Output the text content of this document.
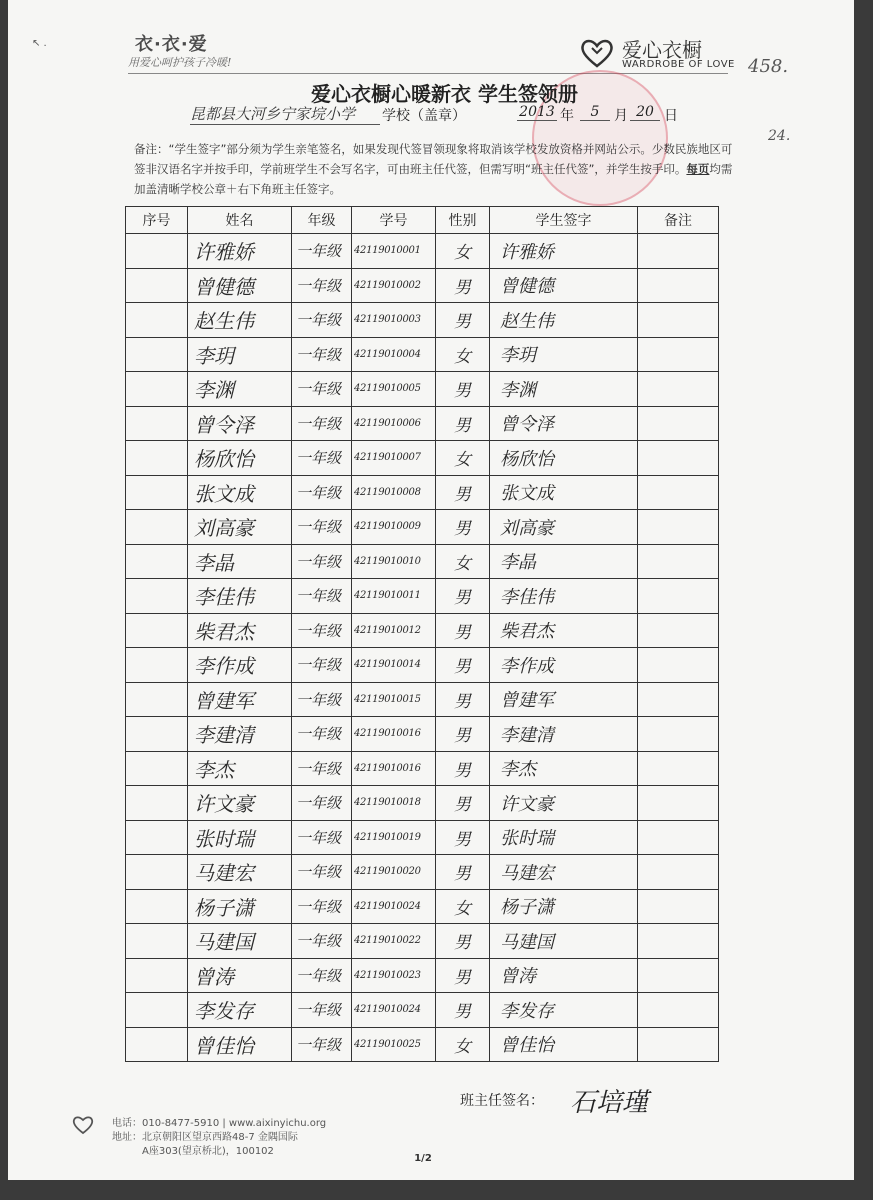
↖ .	衣·衣·爱
用爱心呵护孩子冷暖!
爱心衣橱
WARDROBE OF LOVE 458.
24.
爱心衣橱心暖新衣 学生签领册
昆都县大河乡宁家垸小学	学校（盖章）	2013 年	5	月 20 日
备注：“学生签字”部分须为学生亲笔签名，如果发现代签冒领现象将取消该学校发放资格并网站公示。少数民族地区可签非汉语名字并按手印，学前班学生不会写名字，可由班主任代签，但需写明“班主任代签”，并学生按手印。每页均需加盖清晰学校公章＋右下角班主任签字。
序号	姓名	年级	学号	性别	学生签字	备注
	许雅娇	一年级	42119010001	女	许雅娇	
	曾健德	一年级	42119010002	男	曾健德	
	赵生伟	一年级	42119010003	男	赵生伟	
	李玥	一年级	42119010004	女	李玥	
	李渊	一年级	42119010005	男	李渊	
	曾令泽	一年级	42119010006	男	曾令泽	
	杨欣怡	一年级	42119010007	女	杨欣怡	
	张文成	一年级	42119010008	男	张文成	
	刘高豪	一年级	42119010009	男	刘高豪	
	李晶	一年级	42119010010	女	李晶	
	李佳伟	一年级	42119010011	男	李佳伟	
	柴君杰	一年级	42119010012	男	柴君杰	
	李作成	一年级	42119010014	男	李作成	
	曾建军	一年级	42119010015	男	曾建军	
	李建清	一年级	42119010016	男	李建清	
	李杰	一年级	42119010016	男	李杰	
	许文豪	一年级	42119010018	男	许文豪	
	张时瑞	一年级	42119010019	男	张时瑞	
	马建宏	一年级	42119010020	男	马建宏	
	杨子潇	一年级	42119010024	女	杨子潇	
	马建国	一年级	42119010022	男	马建国	
	曾涛	一年级	42119010023	男	曾涛	
	李发存	一年级	42119010024	男	李发存	
	曾佳怡	一年级	42119010025	女	曾佳怡	
班主任签名： 石培瑾
电话：010-8477-5910 | www.aixinyichu.org
地址：北京朝阳区望京西路48-7 金隅国际
A座303(望京桥北)，100102
1/2
